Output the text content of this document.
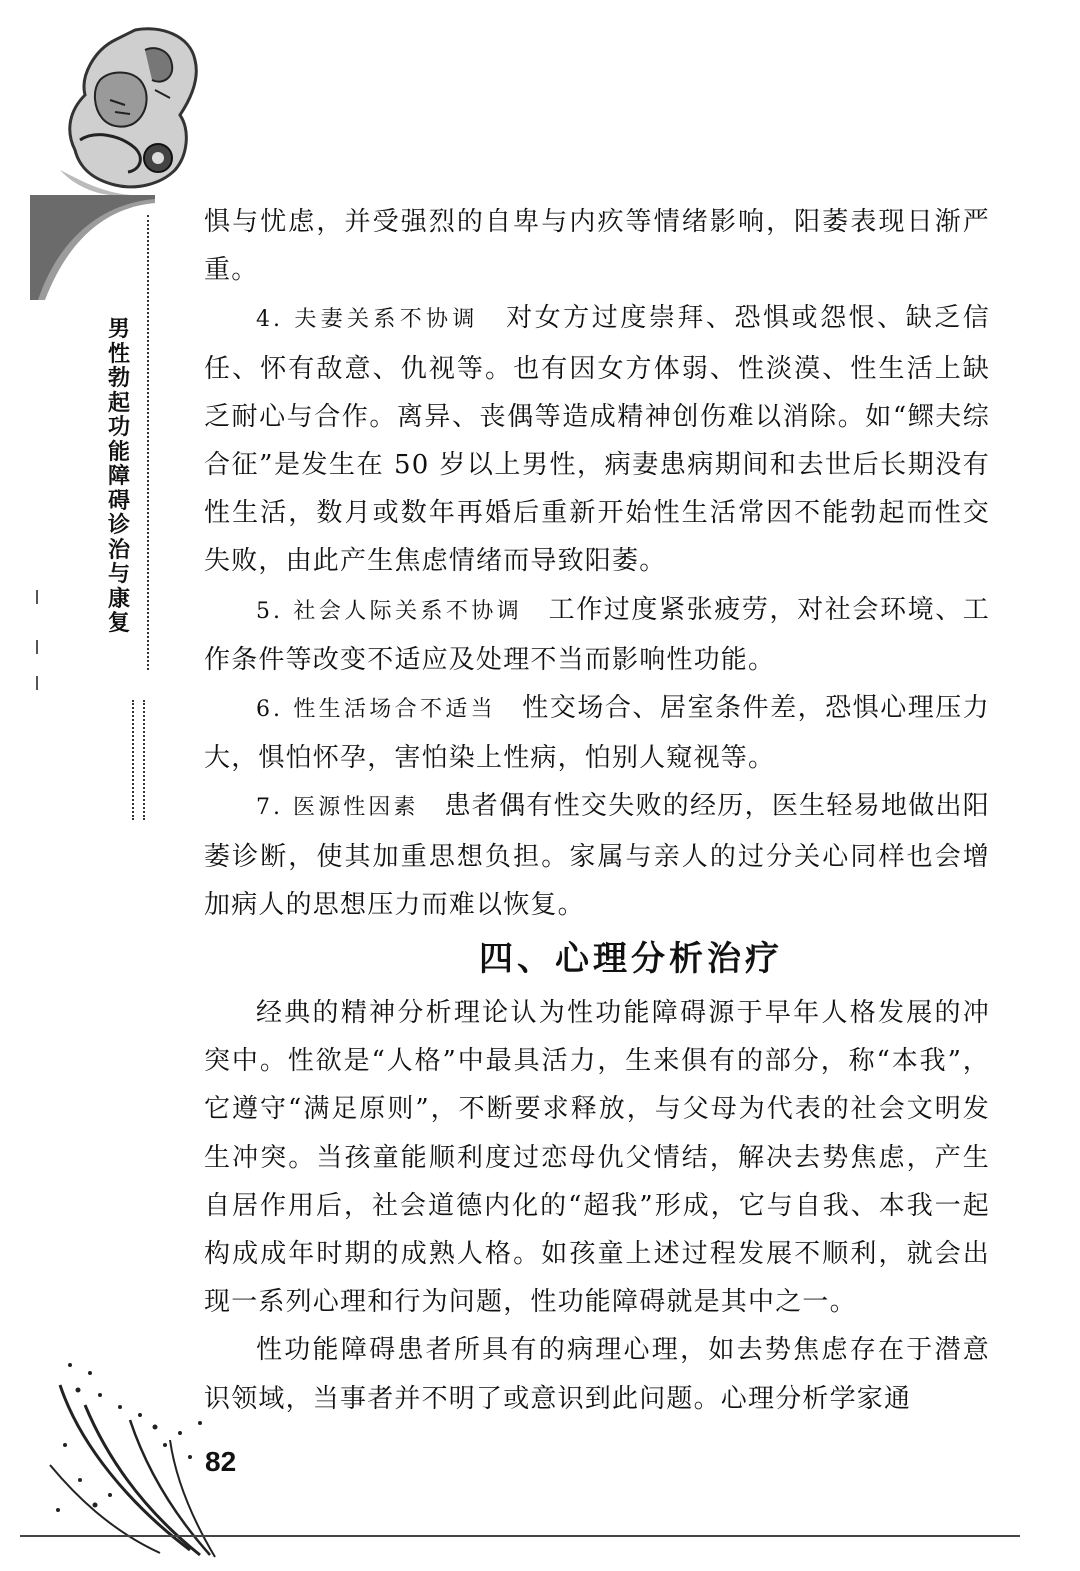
男性勃起功能障碍诊治与康复

惧与忧虑，并受强烈的自卑与内疚等情绪影响，阳萎表现日渐严重。

4. 夫妻关系不协调 对女方过度崇拜、恐惧或怨恨、缺乏信任、怀有敌意、仇视等。也有因女方体弱、性淡漠、性生活上缺乏耐心与合作。离异、丧偶等造成精神创伤难以消除。如“鳏夫综合征”是发生在 50 岁以上男性，病妻患病期间和去世后长期没有性生活，数月或数年再婚后重新开始性生活常因不能勃起而性交失败，由此产生焦虑情绪而导致阳萎。

5. 社会人际关系不协调 工作过度紧张疲劳，对社会环境、工作条件等改变不适应及处理不当而影响性功能。

6. 性生活场合不适当 性交场合、居室条件差，恐惧心理压力大，惧怕怀孕，害怕染上性病，怕别人窥视等。

7. 医源性因素 患者偶有性交失败的经历，医生轻易地做出阳萎诊断，使其加重思想负担。家属与亲人的过分关心同样也会增加病人的思想压力而难以恢复。

四、心理分析治疗

经典的精神分析理论认为性功能障碍源于早年人格发展的冲突中。性欲是“人格”中最具活力，生来俱有的部分，称“本我”，它遵守“满足原则”，不断要求释放，与父母为代表的社会文明发生冲突。当孩童能顺利度过恋母仇父情结，解决去势焦虑，产生自居作用后，社会道德内化的“超我”形成，它与自我、本我一起构成成年时期的成熟人格。如孩童上述过程发展不顺利，就会出现一系列心理和行为问题，性功能障碍就是其中之一。

性功能障碍患者所具有的病理心理，如去势焦虑存在于潜意识领域，当事者并不明了或意识到此问题。心理分析学家通

82
